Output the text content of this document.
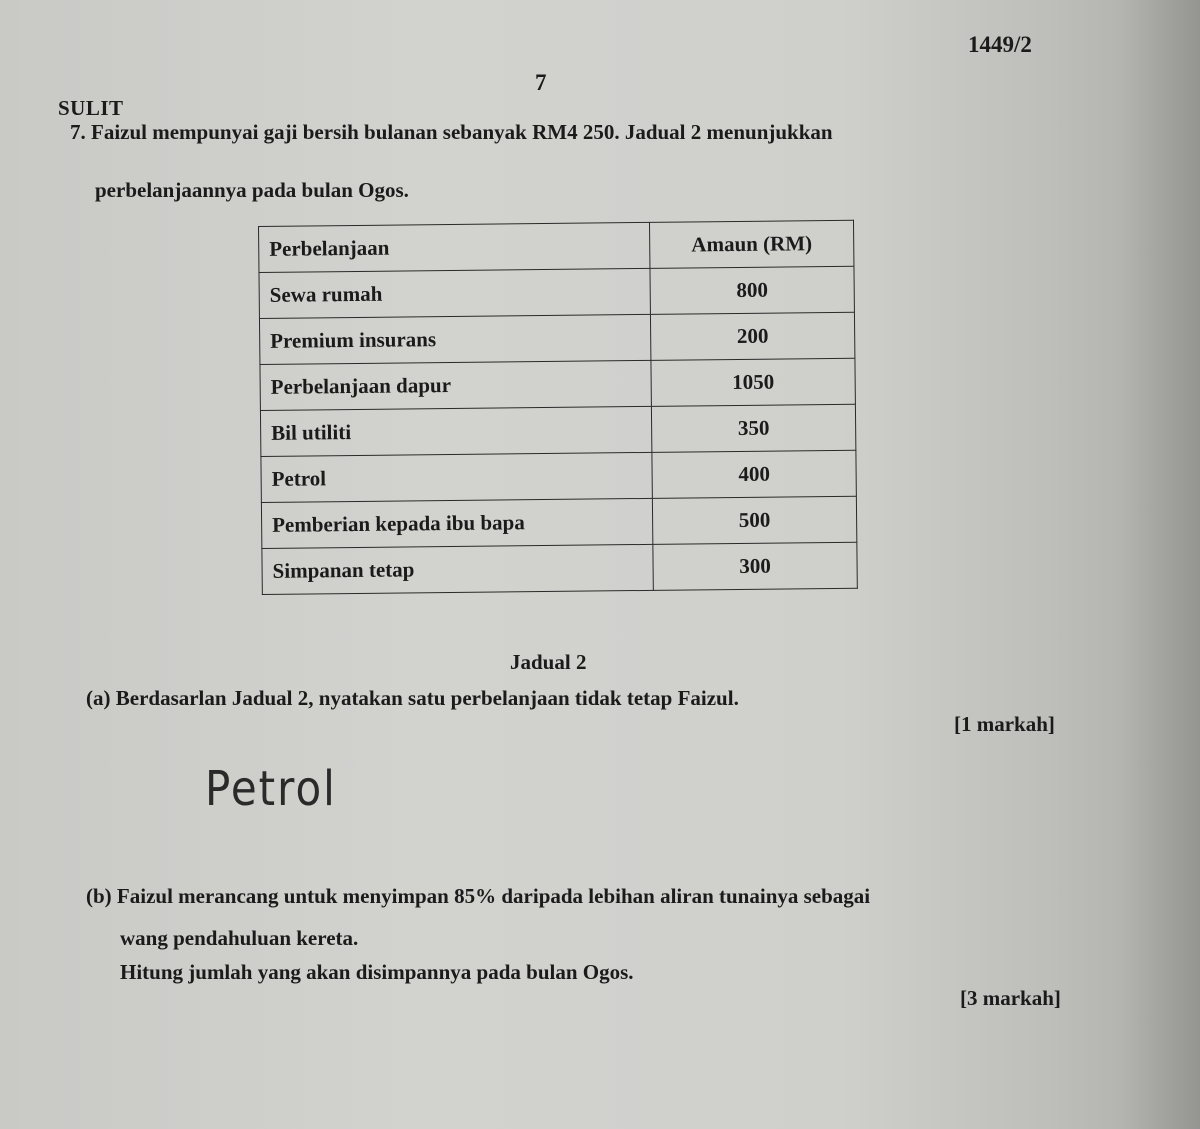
1449/2
7
SULIT
7. Faizul mempunyai gaji bersih bulanan sebanyak RM4 250. Jadual 2 menunjukkan
perbelanjaannya pada bulan Ogos.
Perbelanjaan	Amaun (RM)
Sewa rumah	800
Premium insurans	200
Perbelanjaan dapur	1050
Bil utiliti	350
Petrol	400
Pemberian kepada ibu bapa	500
Simpanan tetap	300
Jadual 2
(a) Berdasarlan Jadual 2, nyatakan satu perbelanjaan tidak tetap Faizul.
[1 markah]
Petrol
(b) Faizul merancang untuk menyimpan 85% daripada lebihan aliran tunainya sebagai
wang pendahuluan kereta.
Hitung jumlah yang akan disimpannya pada bulan Ogos.
[3 markah]
